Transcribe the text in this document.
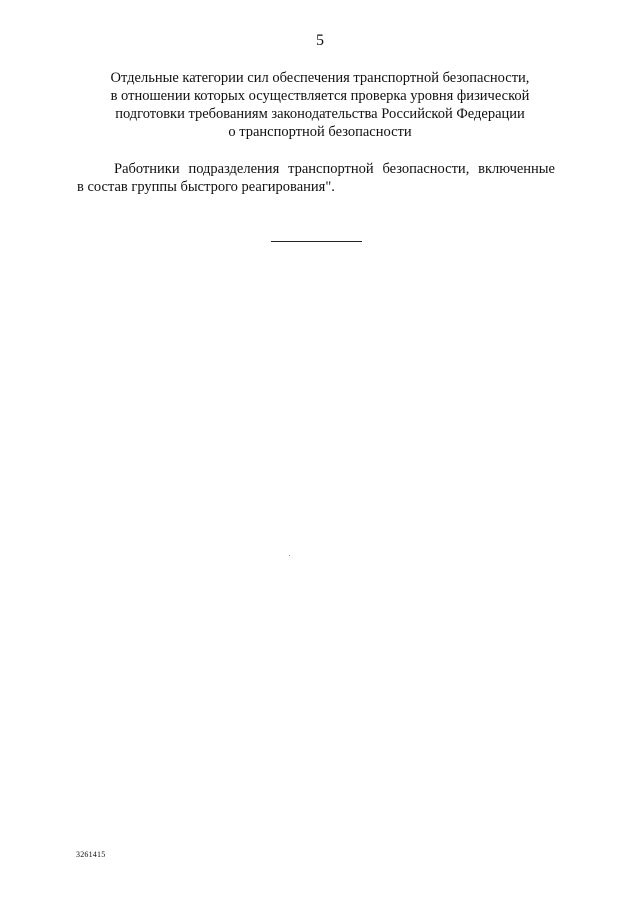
5
Отдельные категории сил обеспечения транспортной безопасности,
в отношении которых осуществляется проверка уровня физической
подготовки требованиям законодательства Российской Федерации
о транспортной безопасности
Работники подразделения транспортной безопасности, включенные
в состав группы быстрого реагирования".
3261415
